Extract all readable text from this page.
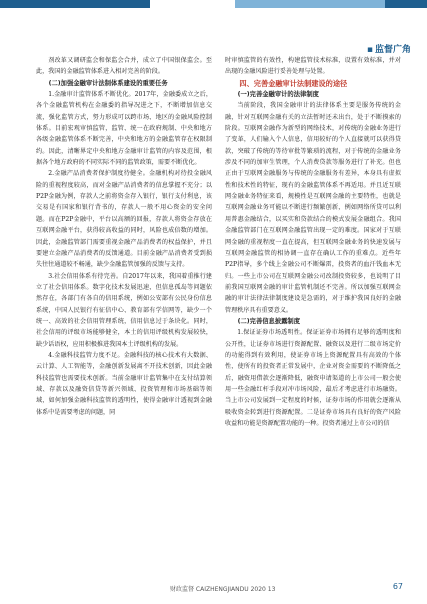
▪ 监督广角

剂改革又调研监会和保监会合并，成立了中国银保监会。至此，我国的金融监管体系进入相对完善的阶段。

(二)加强金融审计法制体系建设的重要任务

1.金融审计监管体系不断优化。2017年，金融委成立之后，各个金融监管机构在金融委的指导况进之下，不断增加信息交流，强化监管方式，努力形成可以跨市场、地区的金融风险控制体系。目前宏观审慎监管，监管、统一在政府规制、中央和地方各级金融监管体系不断完善，中央和地方的金融监管存在权限制约。因此，清晰界定中央和地方金融审计监管的内容及范围，根据各个地方政府的不同实际不同的监管政策，需要不断优化。

2.金融产品消费者保护制度待健全。金融机构对待投金融风险的重视程度较高，而对金融产品消费者的信息掌握不充分；以P2P金融为例，存款人之前将资金存入银行，银行支付利息，该交易是有国家和银行背书的，存款人一般不用心资金的安全问题。而在P2P金融中，平台以高额的回报，存款人将资金存放在互联网金融平台，获得较高收益的同时，风险也成倍数的增加。因此，金融监管部门需要重视金融产品消费者的权益保护，并且要建立金融产品消费者的反馈通道。目前金融产品消费者受到损失往往通道较不畅通，缺少金融监管加强的反馈与支持。

3.社会信用体系有待完善。自2017年以来，我国着重推行建立了社会信用体系。数字化技术发展迅速，但信息孤岛等问题依然存在，各部门有各自的信用系统，例如公安部有公民身份信息系统，中国人民银行有征信中心、教育部有学信网等，缺少一个统一、高效的社会信用管理系统，信用信息过于条块化。同时，社会信用的评级市场能够健全，本土的信用评级机构发展较快，缺少话语权，应用积极推进我国本土评级机构的发展。

4.金融科技监管力度不足。金融科技的核心技术有大数据、云计算、人工智能等，金融创新发展离不开技术创新，因此金融科技监管也需要技术创新。当前金融审计监管集中在支付结算领域、存款以及融资信贷等新兴领域、投资管理和市场基础等领域，如何加强金融科技监管的透明性，使得金融审计透视到金融体系中是需要考虑的问题，同

时审慎监管的有效性，构建监管技术标准，设置有效标准，并对出现的金融风险进行妥善处理与处置。

四、完善金融审计法制建设的途径

(一)完善金融审计的法律制度

当前阶段，我国金融审计的法律体系主要是服务传统的金融，针对互联网金融有关的立法暂时还未出台，处于不断摸索的阶段。互联网金融作为新型的网络技术，对传统的金融业务进行了变革，人们输入个人信息，信用较好的个人直接就可以获得贷款，突破了传统的等待审批等繁琐的流程，对于传统的金融业务涉及不同的加审生管理，个人消费贷款等服务进行了补充。但也正由于互联网金融服务与传统的金融服务有差异，本身具有虚拟性和技术性的特征，现有的金融监管体系不再适用。并且近互联网金融业务特征来看，规模性是互联网金融的主要特性，也就是互联网金融业务可能以不断进行频繁创新，例如网络所贷可以利用普惠金融结合，以买实和贷款结合的模式发展金融组合。我国金融监管部门在互联网金融监管出现一定的难度。国家对于互联网金融的重视程度一直在提高，但互联网金融业务的快速发展与互联网金融监管的相协调一直存在确认工作的重难点。近些年P2P指导，多个线上金融公司不断爆雷，投资者的血汗钱血本无归。一些上市公司在互联网金融公司改制投资较多，也说明了目前我国互联网金融的审计监管机制还不完善。所以加强互联网金融的审计法律法律制度建设是急需的，对于维护我国良好的金融管理秩序具有重要意义。

(二)完善信息披露制度

1.保证证券市场透明性。保证证券市场拥有足够的透明度和公开性，让证券市场进行资源配置、融资以及进行二级市场定价的功能得到有效利用，使证券市场上资源配置具有高效的个体性，使所有的投资者正常发展中，企业对资金需要的不断降低之后，融资用借款会逐渐降低，融资申请渠道的上市公司一般会使用一些金融红杆手段对冲市场风险，最后才考虑进行市场融资。当上市公司发展到一定程度的时候，证券市场的作用就会逐渐从吸收资金转到进行资源配置。二是证券市场具有良好的资产风险收益和功能是资源配置功能的一种。投资者通过上市公司的信

财政监督 CAIZHENGJIANDU 2020 13	67
